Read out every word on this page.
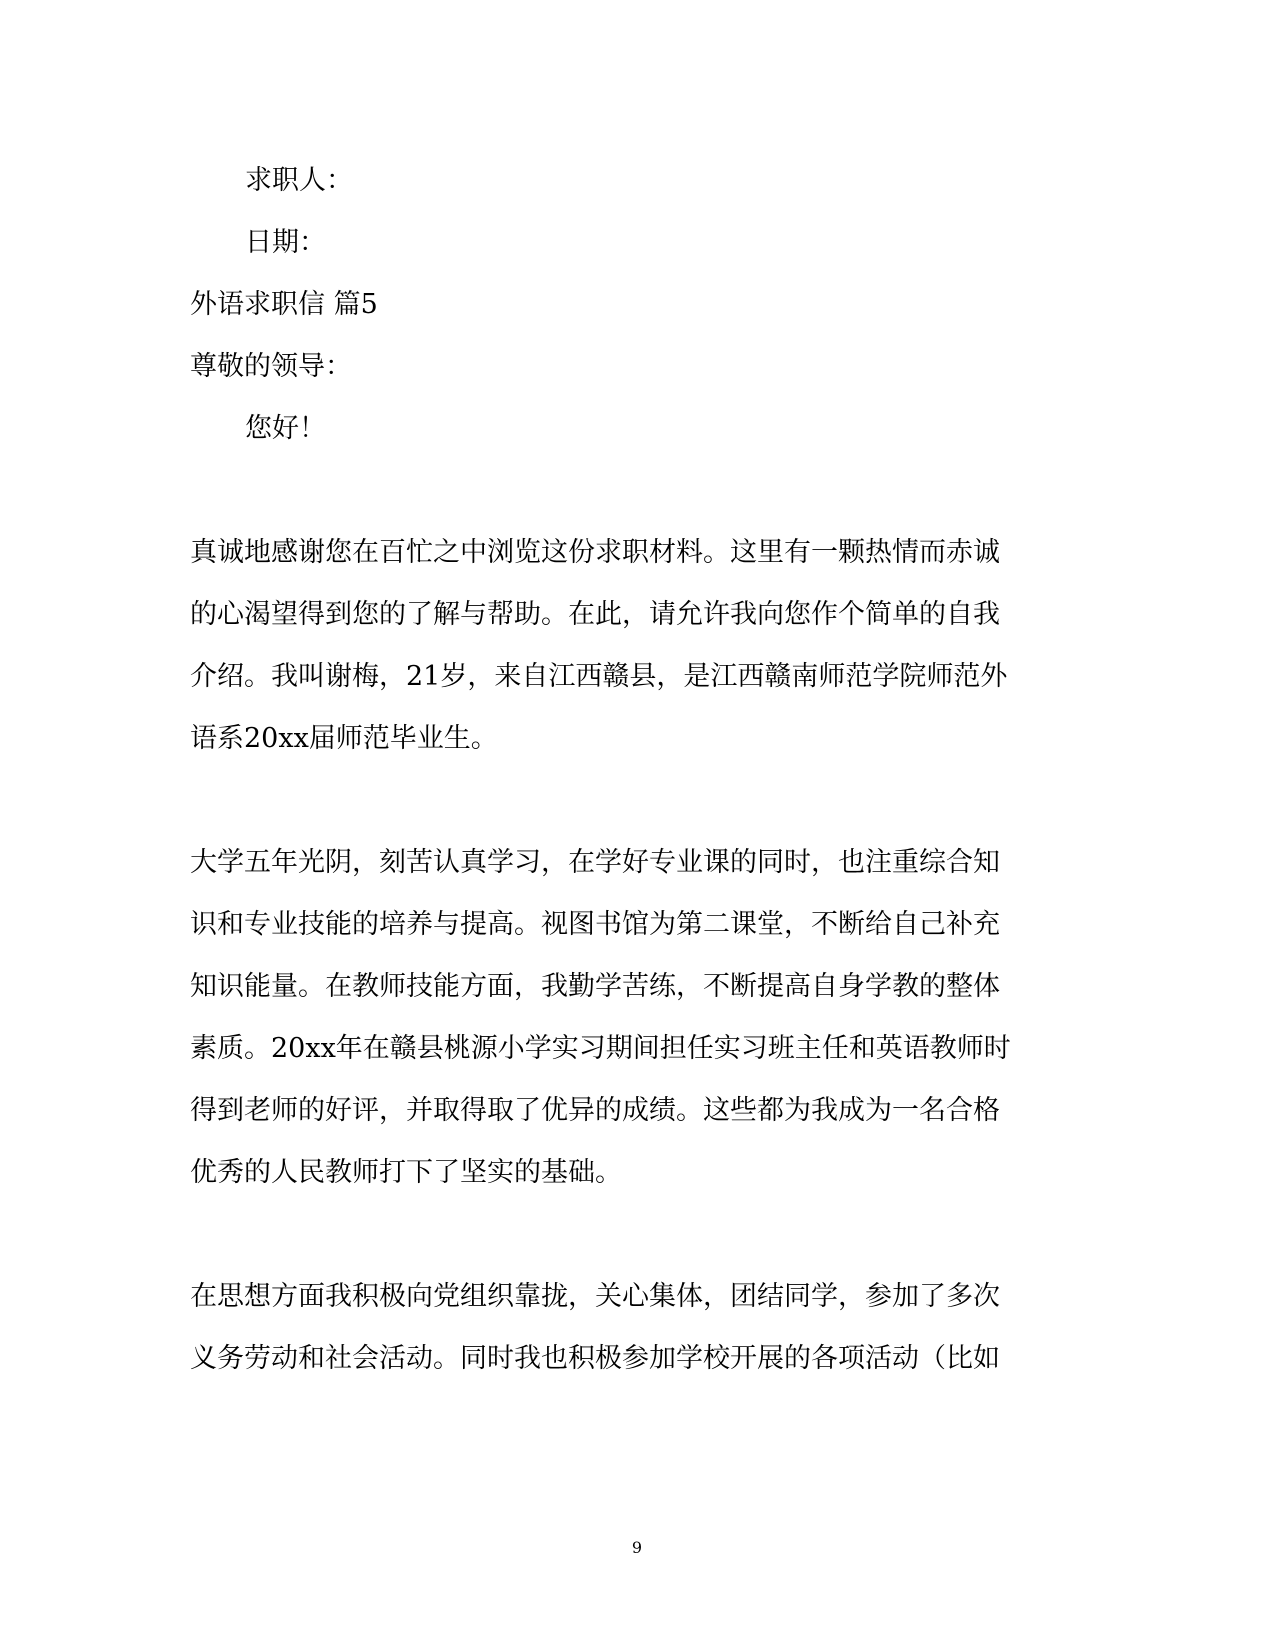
求职人：
日期：
外语求职信 篇5
尊敬的领导：
您好！
真诚地感谢您在百忙之中浏览这份求职材料。这里有一颗热情而赤诚
的心渴望得到您的了解与帮助。在此，请允许我向您作个简单的自我
介绍。我叫谢梅，21岁，来自江西赣县，是江西赣南师范学院师范外
语系20xx届师范毕业生。
大学五年光阴，刻苦认真学习，在学好专业课的同时，也注重综合知
识和专业技能的培养与提高。视图书馆为第二课堂，不断给自己补充
知识能量。在教师技能方面，我勤学苦练，不断提高自身学教的整体
素质。20xx年在赣县桃源小学实习期间担任实习班主任和英语教师时
得到老师的好评，并取得取了优异的成绩。这些都为我成为一名合格
优秀的人民教师打下了坚实的基础。
在思想方面我积极向党组织靠拢，关心集体，团结同学，参加了多次
义务劳动和社会活动。同时我也积极参加学校开展的各项活动（比如
9
